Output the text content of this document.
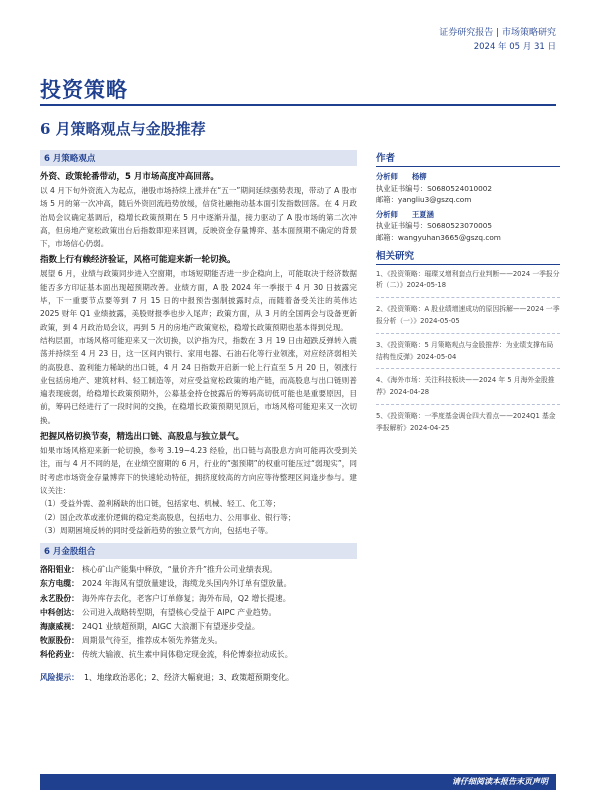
证券研究报告 | 市场策略研究
2024 年 05 月 31 日
投资策略
6 月策略观点与金股推荐
6 月策略观点
外资、政策轮番带动，5 月市场高度冲高回落。
以 4 月下旬外资流入为起点，港股市场持续上涨并在“五一”期间延续强势表现，带动了 A 股市场 5 月的第一次冲高，随后外资回流趋势放缓，信贷社融拖动基本面引发指数回落。在 4 月政治局会议确定基调后，稳增长政策预期在 5 月中逐渐升温，接力驱动了 A 股市场的第二次冲高，但房地产宽松政策出台后指数即迎来回调，反映资金存量博弈、基本面预期不确定的背景下，市场信心仍弱。
指数上行有赖经济验证，风格可能迎来新一轮切换。
展望 6 月，业绩与政策同步进入空窗期，市场短期能否进一步企稳向上，可能取决于经济数据能否多方印证基本面出现超预期改善。业绩方面，A 股 2024 年一季报于 4 月 30 日披露完毕，下一重要节点要等到 7 月 15 日的中报预告强制披露时点，而随着备受关注的英伟达 2025 财年 Q1 业绩披露，美股财报季也步入尾声；政策方面，从 3 月的全国两会与设备更新政策，到 4 月政治局会议，再到 5 月的房地产政策宽松，稳增长政策预期也基本得到兑现。
结构层面，市场风格可能迎来又一次切换，以沪指为尺，指数在 3 月 19 日由超跌反弹转入震荡并持续至 4 月 23 日，这一区间内银行、家用电器、石油石化等行业领涨，对应经济弱相关的高股息、盈利能力稀缺的出口链，4 月 24 日指数开启新一轮上行直至 5 月 20 日，领涨行业包括房地产、建筑材料、轻工制造等，对应受益宽松政策的地产链，而高股息与出口链则普遍表现疲弱，给稳增长政策预期外，公募基金持仓披露后的筹码高切低可能也是重要原因，目前，筹码已经进行了一段时间的交换，在稳增长政策预期见顶后，市场风格可能迎来又一次切换。
把握风格切换节奏，精选出口链、高股息与独立景气。
如果市场风格迎来新一轮切换，参考 3.19~4.23 经验，出口链与高股息方向可能再次受到关注，而与 4 月不同的是，在业绩空窗期的 6 月，行业的“强预期”的权重可能压过“弱现实”，同时考虑市场资金存量博弈下的快速轮动特征，拥挤度较高的方向应等待整理区间逢步参与。建议关注：
（1）受益外需、盈利稀缺的出口链，包括家电、机械、轻工、化工等；
（2）国企改革或涨价逻辑的稳定类高股息，包括电力、公用事业、银行等；
（3）周期困境反转的同时受益新趋势的独立景气方向，包括电子等。
6 月金股组合
洛阳钼业： 核心矿山产能集中释放，“量价齐升”推升公司业绩表现。
东方电缆： 2024 年海风有望放量建设，海缆龙头国内外订单有望放量。
永艺股份： 海外库存去化，老客户订单修复；海外布局，Q2 增长提速。
中科创达： 公司进入战略转型期，有望核心受益于 AIPC 产业趋势。
海康威视： 24Q1 业绩超预期，AIGC 大浪潮下有望逐步受益。
牧原股份： 周期景气待至，推荐成本领先养猪龙头。
科伦药业： 传统大输液、抗生素中间体稳定现金流，科伦博泰拉动成长。
风险提示： 1、地缘政治恶化；2、经济大幅衰退；3、政策超预期变化。
作者
分析师 杨柳
执业证书编号：S0680524010002
邮箱：yangliu3@gszq.com
分析师 王夏涵
执业证书编号：S0680523070005
邮箱：wangyuhan3665@gszq.com
相关研究
1、《投资策略：璀璨又增利套点行业判断——2024 一季报分析（二）》2024-05-18
2、《投资策略：A 股业绩增速成功的原因拆解——2024 一季报分析（一）》2024-05-05
3、《投资策略：5 月策略观点与金股推荐：为业绩支撑布局结构性反弹》2024-05-04
4、《海外市场：关注科技板块——2024 年 5 月海外金股推荐》2024-04-28
5、《投资策略：一季度基金调仓四大看点——2024Q1 基金季报解析》2024-04-25
请仔细阅读本报告末页声明
